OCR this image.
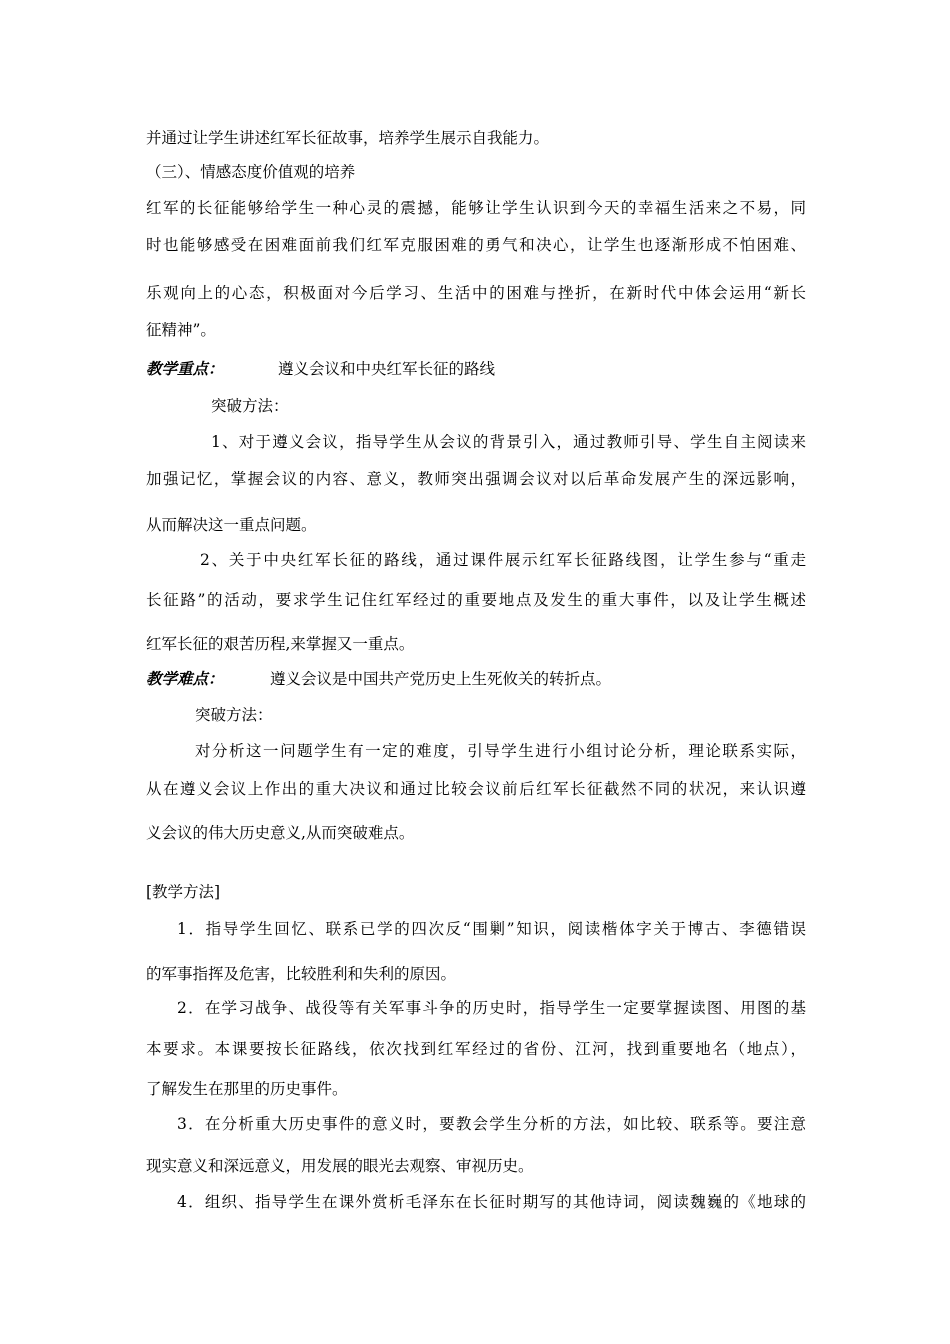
并通过让学生讲述红军长征故事，培养学生展示自我能力。
（三）、情感态度价值观的培养
红军的长征能够给学生一种心灵的震撼，能够让学生认识到今天的幸福生活来之不易，同
时也能够感受在困难面前我们红军克服困难的勇气和决心，让学生也逐渐形成不怕困难、
乐观向上的心态，积极面对今后学习、生活中的困难与挫折，在新时代中体会运用“新长
征精神”。
教学重点：	遵义会议和中央红军长征的路线
突破方法：
1、对于遵义会议，指导学生从会议的背景引入，通过教师引导、学生自主阅读来
加强记忆，掌握会议的内容、意义，教师突出强调会议对以后革命发展产生的深远影响，
从而解决这一重点问题。
2、关于中央红军长征的路线，通过课件展示红军长征路线图，让学生参与“重走
长征路”的活动，要求学生记住红军经过的重要地点及发生的重大事件，以及让学生概述
红军长征的艰苦历程,来掌握又一重点。
教学难点：	遵义会议是中国共产党历史上生死攸关的转折点。
突破方法：
对分析这一问题学生有一定的难度，引导学生进行小组讨论分析，理论联系实际，
从在遵义会议上作出的重大决议和通过比较会议前后红军长征截然不同的状况，来认识遵
义会议的伟大历史意义,从而突破难点。
[教学方法]
1．指导学生回忆、联系已学的四次反“围剿”知识，阅读楷体字关于博古、李德错误
的军事指挥及危害，比较胜利和失利的原因。
2．在学习战争、战役等有关军事斗争的历史时，指导学生一定要掌握读图、用图的基
本要求。本课要按长征路线，依次找到红军经过的省份、江河，找到重要地名（地点），
了解发生在那里的历史事件。
3．在分析重大历史事件的意义时，要教会学生分析的方法，如比较、联系等。要注意
现实意义和深远意义，用发展的眼光去观察、审视历史。
4．组织、指导学生在课外赏析毛泽东在长征时期写的其他诗词，阅读魏巍的《地球的
